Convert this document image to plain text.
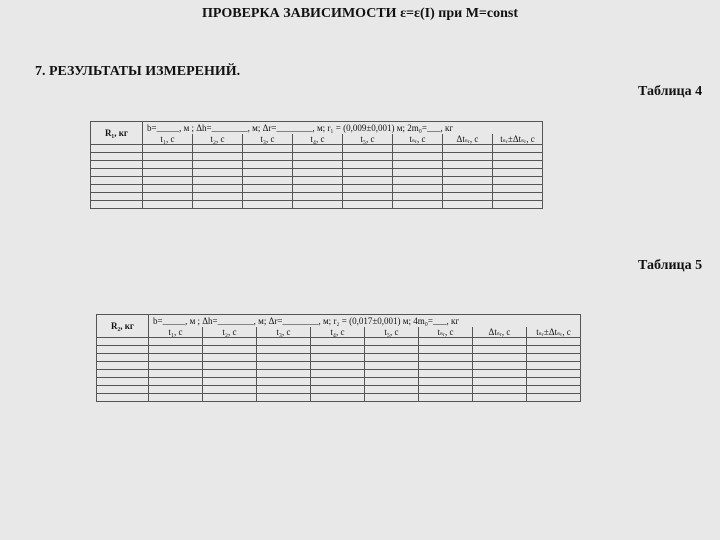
ПРОВЕРКА ЗАВИСИМОСТИ ε=ε(I) при М=const
7. РЕЗУЛЬТАТЫ ИЗМЕРЕНИЙ.
Таблица 4
R₁, кг	b=_____, м ; Δh=________, м; Δr=________, м; r₁ = (0,009±0,001) м; 2m₀=___, кг							
	t₁, с	t₂, с	t₃, с	t₄, с	t₅, с	tₛᵣ, с	Δtₛᵣ, с	tₛᵣ±Δtₛᵣ, с

Таблица 5
R₂, кг	b=_____, м ; Δh=________, м; Δr=________, м; r₂ = (0,017±0,001) м; 4m₀=___, кг							
	t₁, с	t₂, с	t₃, с	t₄, с	t₅, с	tₛᵣ, с	Δtₛᵣ, с	tₛᵣ±Δtₛᵣ, с
